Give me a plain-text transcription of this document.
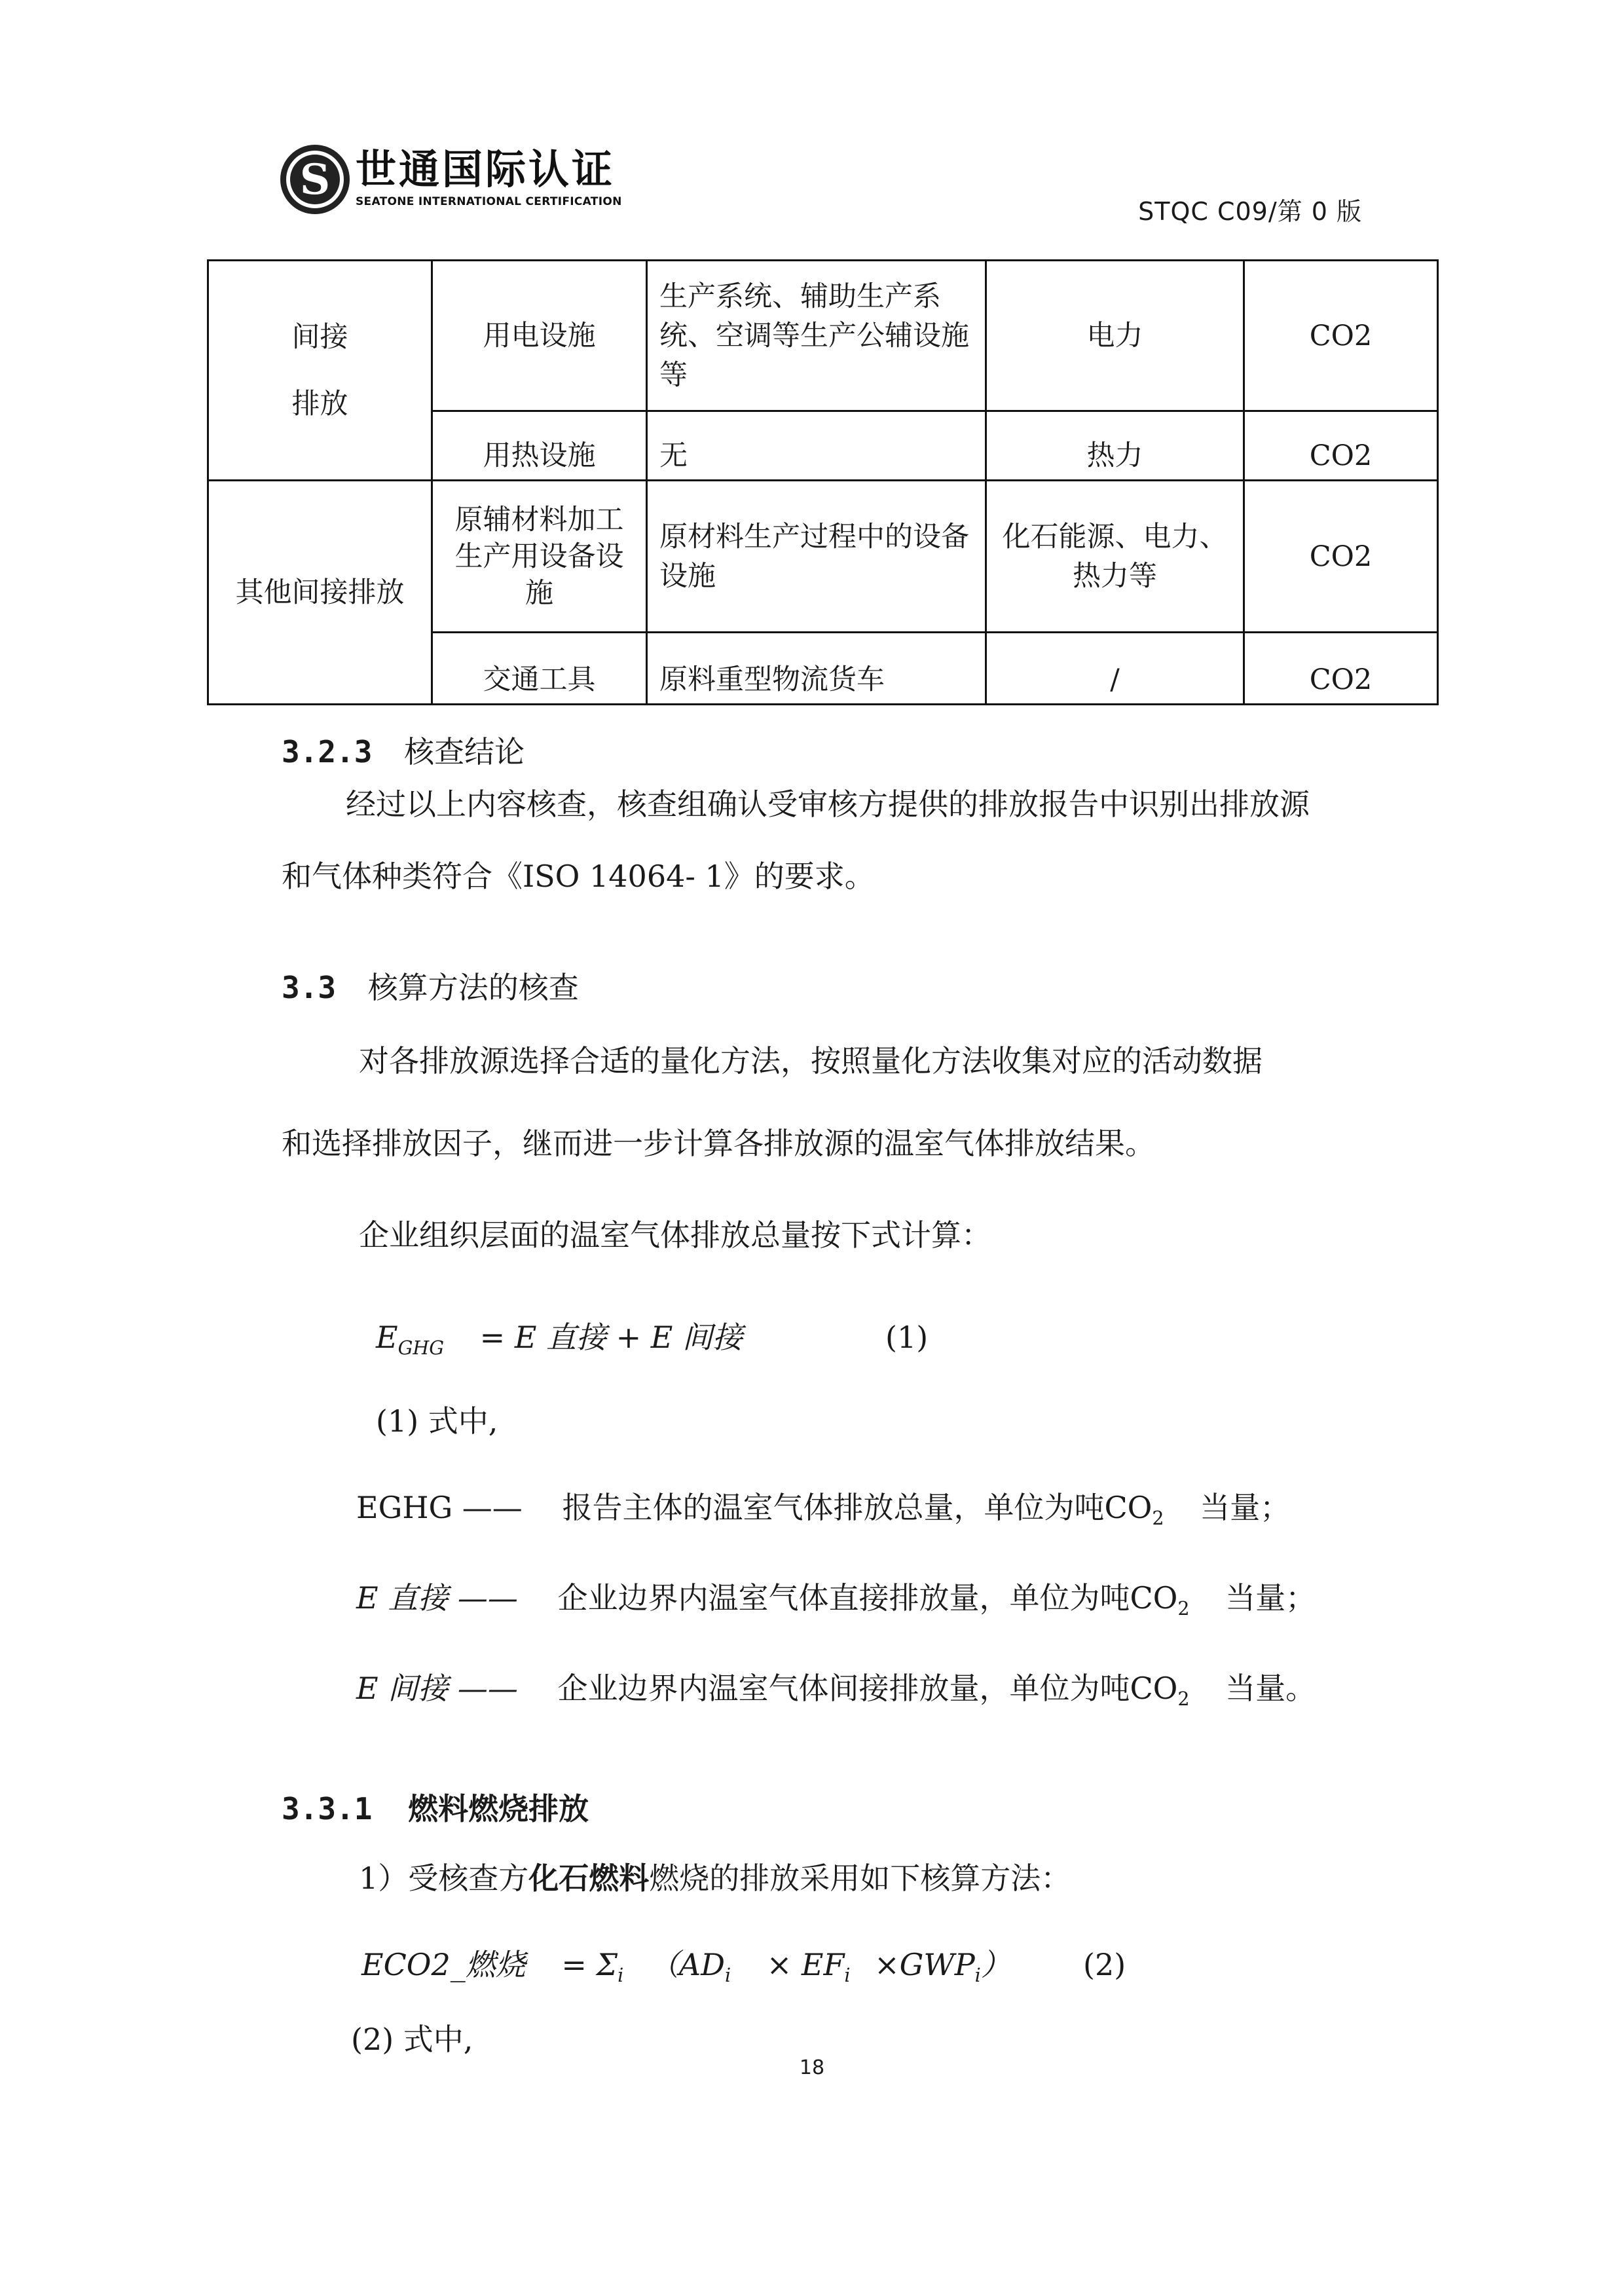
S 世通国际认证
SEATONE INTERNATIONAL CERTIFICATION	STQC C09/第 0 版
间接
排放	用电设施	生产系统、辅助生产系统、空调等生产公辅设施等	电力	CO2
	用热设施	无	热力	CO2
其他间接排放	原辅材料加工生产用设备设施	原材料生产过程中的设备设施	化石能源、电力、热力等	CO2
	交通工具	原料重型物流货车	/	CO2
3.2.3 核查结论
经过以上内容核查，核查组确认受审核方提供的排放报告中识别出排放源
和气体种类符合《ISO 14064- 1》的要求。
3.3 核算方法的核查
对各排放源选择合适的量化方法，按照量化方法收集对应的活动数据
和选择排放因子，继而进一步计算各排放源的温室气体排放结果。
企业组织层面的温室气体排放总量按下式计算：
$E_{GHG} = E$ 直接 + E 间接	(1)
(1) 式中,
EGHG —— 报告主体的温室气体排放总量，单位为吨$CO_2$ 当量；
E 直接 —— 企业边界内温室气体直接排放量，单位为吨$CO_2$ 当量；
E 间接 —— 企业边界内温室气体间接排放量，单位为吨$CO_2$ 当量。
3.3.1 燃料燃烧排放
1）受核查方化石燃料燃烧的排放采用如下核算方法：
ECO2_燃烧 = $\Sigma_i$ $(AD_i \times EF_i \times GWP_i)$ (2)
(2) 式中,
18
